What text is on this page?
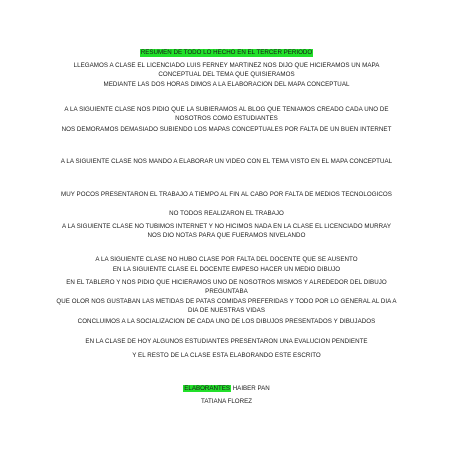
RESUMEN DE TODO LO HECHO EN EL TERCER PERIODO
LLEGAMOS A CLASE EL LICENCIADO LUIS FERNEY MARTINEZ NOS DIJO QUE HICIERAMOS UN MAPA CONCEPTUAL DEL TEMA QUE QUISIERAMOS
MEDIANTE LAS DOS HORAS DIMOS A LA ELABORACION DEL MAPA CONCEPTUAL
A LA SIGUIENTE CLASE NOS PIDIO QUE LA SUBIERAMOS AL BLOG QUE TENIAMOS CREADO CADA UNO DE NOSOTROS COMO ESTUDIANTES
NOS DEMORAMOS DEMASIADO SUBIENDO LOS MAPAS CONCEPTUALES POR FALTA DE UN BUEN INTERNET
A LA SIGUIENTE CLASE NOS MANDO A ELABORAR UN VIDEO CON EL TEMA VISTO EN EL MAPA CONCEPTUAL
MUY POCOS PRESENTARON EL TRABAJO A TIEMPO AL FIN AL CABO POR FALTA DE MEDIOS TECNOLOGICOS
NO TODOS REALIZARON EL TRABAJO
A LA SIGUIENTE CLASE NO TUBIMOS INTERNET Y NO HICIMOS NADA EN LA CLASE EL LICENCIADO MURRAY NOS DIO NOTAS PARA QUE FUERAMOS NIVELANDO
A LA SIGUIENTE CLASE NO HUBO CLASE POR FALTA DEL DOCENTE QUE SE AUSENTO
EN LA SIGUIENTE CLASE EL DOCENTE EMPESO HACER UN MEDIO DIBUJO
EN EL TABLERO Y NOS PIDIO QUE HICIERAMOS UNO DE NOSOTROS MISMOS Y ALREDEDOR DEL DIBUJO PREGUNTABA
QUE OLOR NOS GUSTABAN LAS METIDAS DE PATAS COMIDAS PREFERIDAS Y TODO POR LO GENERAL AL DIA A DIA DE NUESTRAS VIDAS
CONCLUIMOS A LA SOCIALIZACION DE CADA UNO DE LOS DIBUJOS PRESENTADOS Y DIBUJADOS
EN LA CLASE DE HOY ALGUNOS ESTUDIANTES PRESENTARON UNA EVALUCION PENDIENTE
Y EL RESTO DE LA CLASE ESTA ELABORANDO ESTE ESCRITO
ELABORANTES HAIBER PAN
TATIANA FLOREZ
